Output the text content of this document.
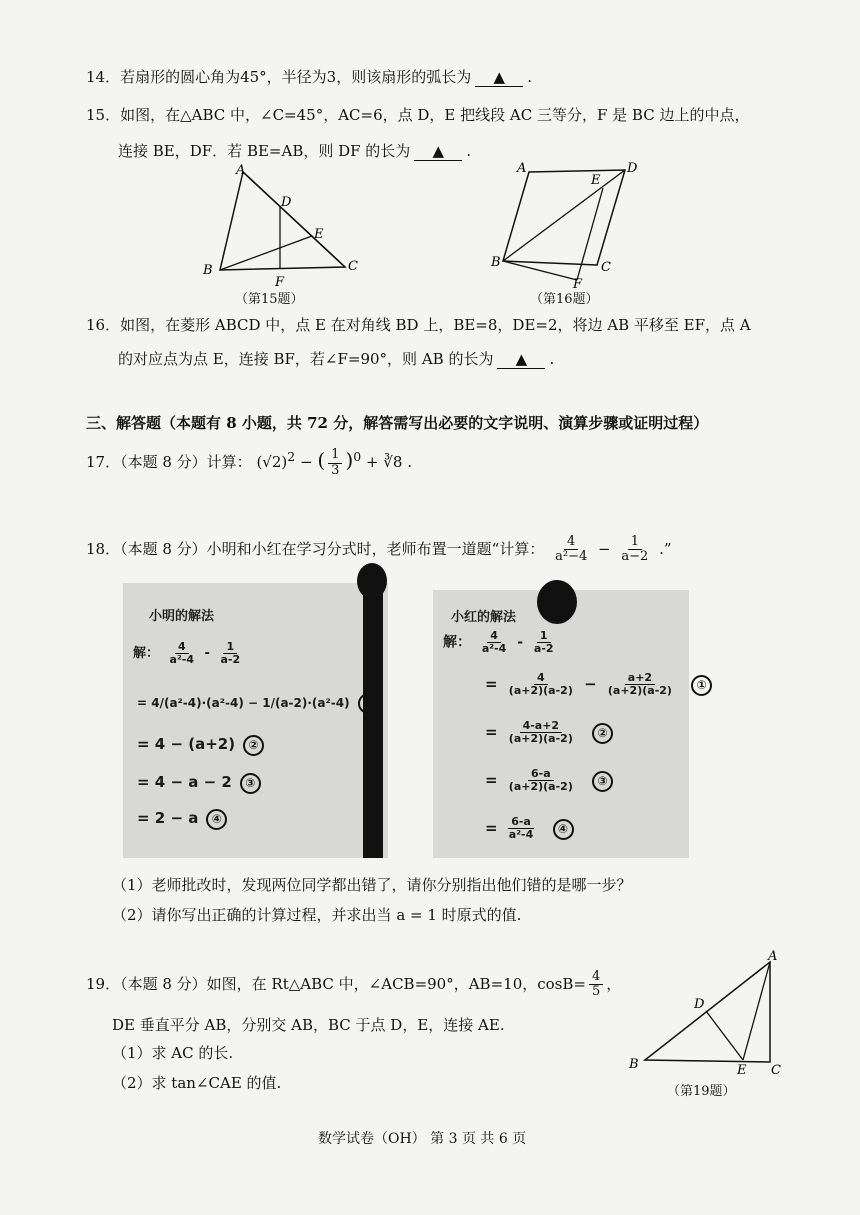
14．若扇形的圆心角为45°，半径为3，则该扇形的弧长为 ▲ .
15．如图，在△ABC 中，∠C=45°，AC=6，点 D，E 把线段 AC 三等分，F 是 BC 边上的中点，
连接 BE，DF．若 BE=AB，则 DF 的长为 ▲ .
A
B	C
D
E
F
（第15题）
A
B	C
D
E
F
（第16题）
16．如图，在菱形 ABCD 中，点 E 在对角线 BD 上，BE=8，DE=2，将边 AB 平移至 EF，点 A
的对应点为点 E，连接 BF，若∠F=90°，则 AB 的长为 ▲ .
三、解答题（本题有 8 小题，共 72 分，解答需写出必要的文字说明、演算步骤或证明过程）
17．（本题 8 分）计算： $(√2)^2$ − ( $\frac{1}{3} )^0$ + ∛8 .
18．（本题 8 分）小明和小红在学习分式时，老师布置一道题“计算： $\frac{4}{\text{a²−4}} - \frac{1}{a-2}$ .”
小明的解法
解： $\frac{4}{\text{a²-4}} - \frac{1}{a-2}$
= 4/(a²-4)·(a²-4) − 1/(a-2)·(a²-4)
= 4 − (a+2) ②
= 4 − a − 2 ③
= 2 − a ④
小红的解法
解： $\frac{4}{\text{a²-4}} - \frac{1}{a-2}$
= $\frac{4}{(a+2)(a-2)} - \frac{a+2}{(a+2)(a-2)}$ ①
= $\frac{4-a+2}{(a+2)(a-2)}$ ②
= $\frac{6-a}{(a+2)(a-2)}$ ③
= $\frac{6-a}{\text{a²-4}}$ ④
（1）老师批改时，发现两位同学都出错了，请你分别指出他们错的是哪一步？
（2）请你写出正确的计算过程，并求出当 a = 1 时原式的值.
19．（本题 8 分）如图，在 Rt△ABC 中，∠ACB=90°，AB=10，$\cos B= \frac{4}{5}$ ，
DE 垂直平分 AB，分别交 AB，BC 于点 D，E，连接 AE.
（1）求 AC 的长.
（2）求 tan∠CAE 的值.
A
B	C
D
E
（第19题）
数学试卷（OH） 第 3 页 共 6 页
